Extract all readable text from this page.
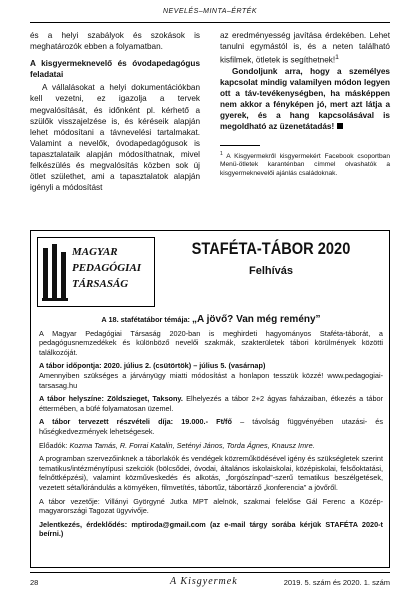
NEVELÉS–MINTA–ÉRTÉK

és a helyi szabályok és szokások is meghatározók ebben a folyamatban.

A kisgyermeknevelő és óvodapedagógus feladatai

A vállalásokat a helyi dokumentációkban kell vezetni, ez igazolja a tervek megvalósítását, és időnként pl. kérhető a szülők visszajelzése is, és kéréseik alapján lehet módosítani a távnevelési tartalmakat. Valamint a nevelők, óvodapedagógusok is tapasztalataik alapján módosíthatnak, mivel felkészülés és megvalósítás közben sok új ötlet születhet, ami a tapasztalatok alapján igényli a módosítást

az eredményesség javítása érdekében. Lehet tanulni egymástól is, és a neten található kisfilmek, ötletek is segíthetnek!$^1$

Gondoljunk arra, hogy a személyes kapcsolat mindig valamilyen módon legyen ott a táv-tevékenységben, ha másképpen nem akkor a fényképen jó, mert azt látja a gyerek, és a hang kapcsolásával is megoldható az üzenetátadás!

$^1$ A Kisgyermekről kisgyermekért Facebook csoportban Menü-ötletek karanténban címmel olvashatók a kisgyermeknevelői ajánlás családoknak.

MAGYAR
PEDAGÓGIAI
TÁRSASÁG
STAFÉTA-TÁBOR 2020
Felhívás

A 18. stafétatábor témája: „A jövő? Van még remény”

A Magyar Pedagógiai Társaság 2020-ban is meghirdeti hagyományos Staféta-táborát, a pedagógusnemzedékek és különböző nevelői szakmák, szakterületek tábori körülmények közötti találkozóját.

A tábor időpontja: 2020. július 2. (csütörtök) – július 5. (vasárnap)
Amennyiben szükséges a járványügy miatti módosítást a honlapon tesszük közzé! www.pedagogiai-tarsasag.hu

A tábor helyszíne: Zöldszieget, Taksony. Elhelyezés a tábor 2+2 ágyas faházaiban, étkezés a tábor éttermében, a büfé folyamatosan üzemel.

A tábor tervezett részvételi díja: 19.000.- Ft/fő – távolság függvényében utazási- és hűségkedvezmények lehetségesek.

Előadók: Kozma Tamás, R. Forrai Katalin, Setényi János, Torda Ágnes, Knausz Imre.

A programban szervezőinknek a táborlakók és vendégek közreműködésével igény és szükségletek szerint tematikus/intézménytípusi szekciók (bölcsődei, óvodai, általános iskolaiskolai, középiskolai, felsőoktatási, felnőttképzési), valamint közműveskedés és alkotás, „forgószínpad”-szerű tematikus beszélgetések, vezetett séta/kirándulás a környéken, filmvetítés, tábortűz, tábortárző „konferencia” a jövőről.

A tábor vezetője: Villányi Györgyné Jutka MPT alelnök, szakmai felelőse Gál Ferenc a Közép-magyarországi Tagozat ügyvivője.

Jelentkezés, érdeklődés: mptiroda@gmail.com (az e-mail tárgy sorába kérjük STAFÉTA 2020-t beírni.)

28	A Kisgyermek	2019. 5. szám és 2020. 1. szám
